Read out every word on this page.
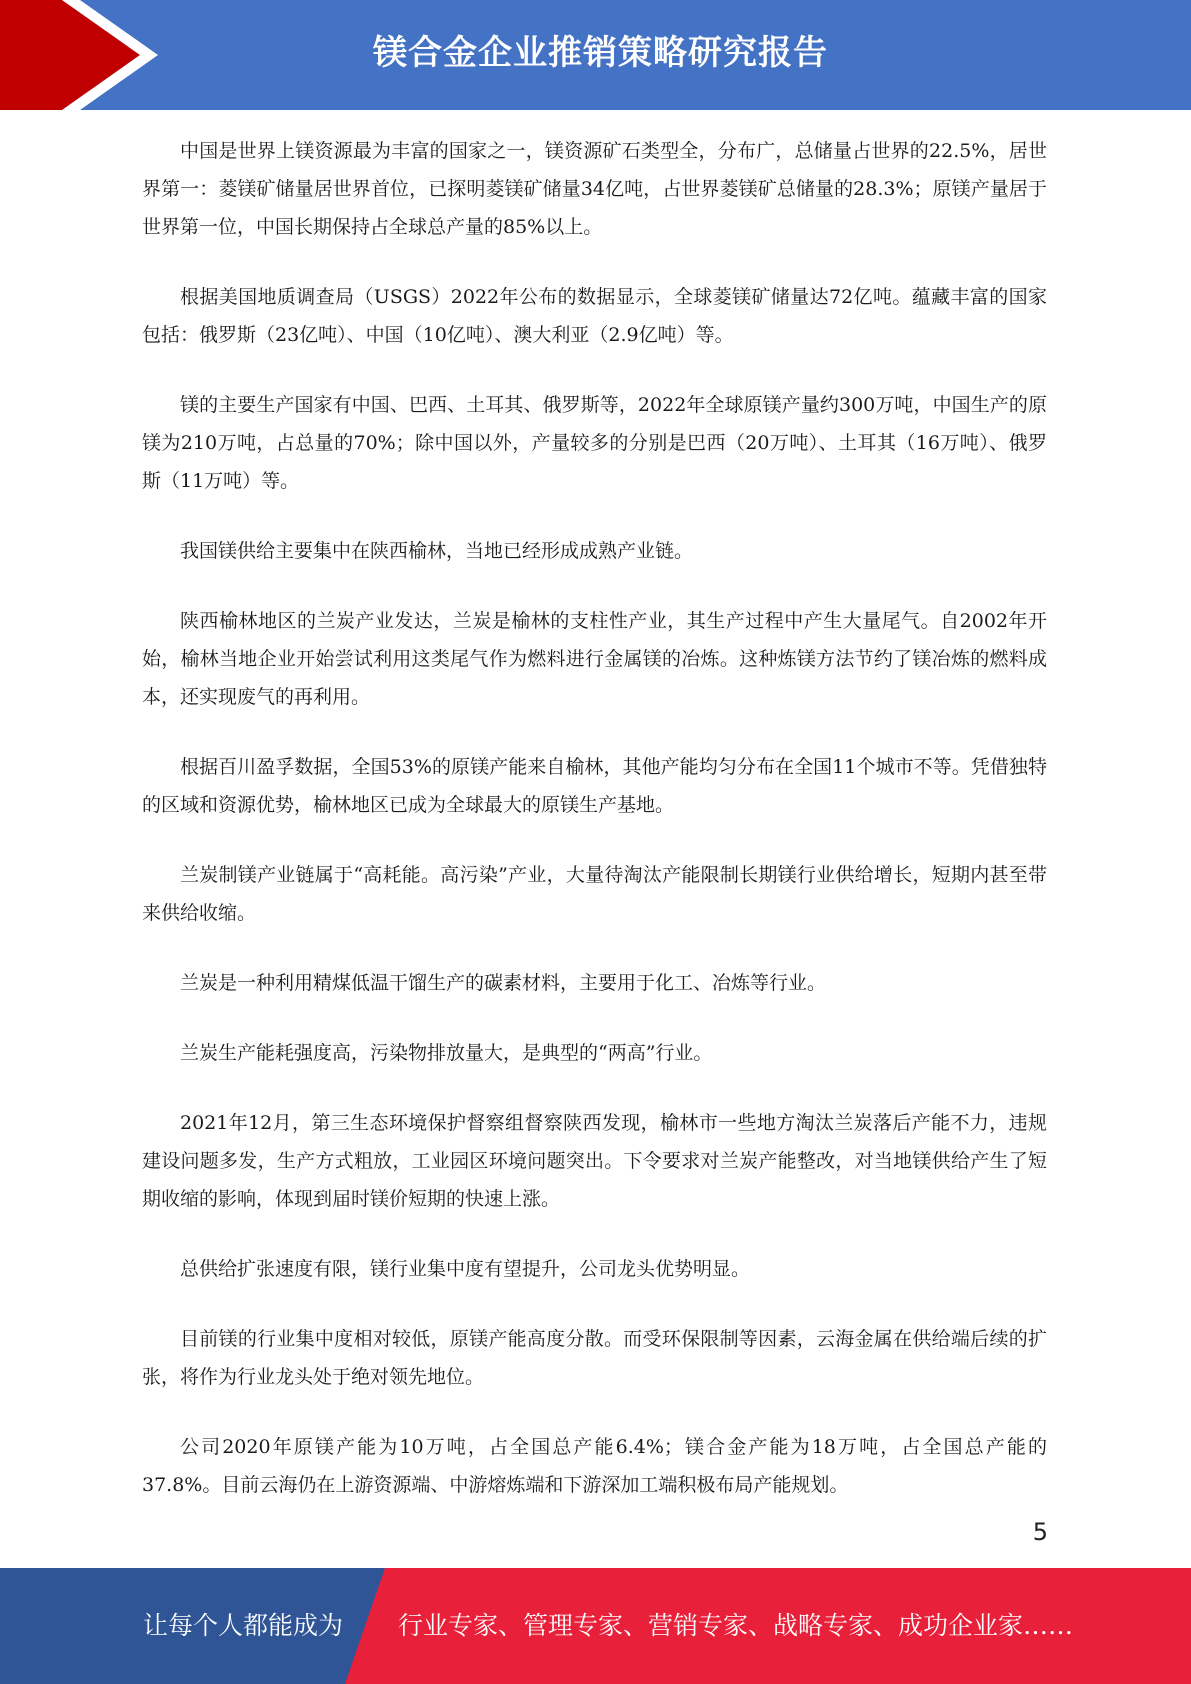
镁合金企业推销策略研究报告

中国是世界上镁资源最为丰富的国家之一，镁资源矿石类型全，分布广，总储量占世界的22.5%，居世界第一：菱镁矿储量居世界首位，已探明菱镁矿储量34亿吨，占世界菱镁矿总储量的28.3%；原镁产量居于世界第一位，中国长期保持占全球总产量的85%以上。

根据美国地质调查局（USGS）2022年公布的数据显示，全球菱镁矿储量达72亿吨。蕴藏丰富的国家包括：俄罗斯（23亿吨）、中国（10亿吨）、澳大利亚（2.9亿吨）等。

镁的主要生产国家有中国、巴西、土耳其、俄罗斯等，2022年全球原镁产量约300万吨，中国生产的原镁为210万吨，占总量的70%；除中国以外，产量较多的分别是巴西（20万吨）、土耳其（16万吨）、俄罗斯（11万吨）等。

我国镁供给主要集中在陕西榆林，当地已经形成成熟产业链。

陕西榆林地区的兰炭产业发达，兰炭是榆林的支柱性产业，其生产过程中产生大量尾气。自2002年开始，榆林当地企业开始尝试利用这类尾气作为燃料进行金属镁的冶炼。这种炼镁方法节约了镁冶炼的燃料成本，还实现废气的再利用。

根据百川盈孚数据，全国53%的原镁产能来自榆林，其他产能均匀分布在全国11个城市不等。凭借独特的区域和资源优势，榆林地区已成为全球最大的原镁生产基地。

兰炭制镁产业链属于“高耗能。高污染”产业，大量待淘汰产能限制长期镁行业供给增长，短期内甚至带来供给收缩。

兰炭是一种利用精煤低温干馏生产的碳素材料，主要用于化工、冶炼等行业。

兰炭生产能耗强度高，污染物排放量大，是典型的“两高”行业。

2021年12月，第三生态环境保护督察组督察陕西发现，榆林市一些地方淘汰兰炭落后产能不力，违规建设问题多发，生产方式粗放，工业园区环境问题突出。下令要求对兰炭产能整改，对当地镁供给产生了短期收缩的影响，体现到届时镁价短期的快速上涨。

总供给扩张速度有限，镁行业集中度有望提升，公司龙头优势明显。

目前镁的行业集中度相对较低，原镁产能高度分散。而受环保限制等因素，云海金属在供给端后续的扩张，将作为行业龙头处于绝对领先地位。

公司2020年原镁产能为10万吨，占全国总产能6.4%；镁合金产能为18万吨，占全国总产能的37.8%。目前云海仍在上游资源端、中游熔炼端和下游深加工端积极布局产能规划。

5
让每个人都能成为 行业专家、管理专家、营销专家、战略专家、成功企业家……
